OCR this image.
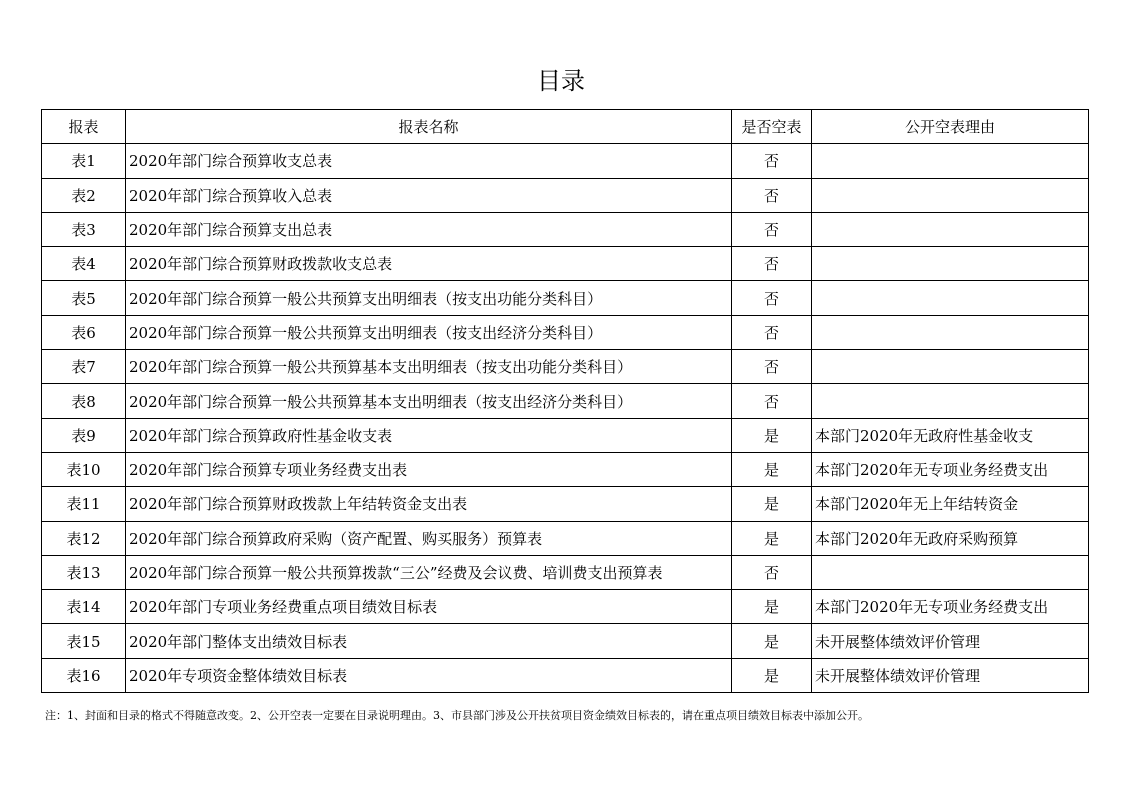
目录
报表	报表名称	是否空表	公开空表理由
表1	2020年部门综合预算收支总表	否	
表2	2020年部门综合预算收入总表	否	
表3	2020年部门综合预算支出总表	否	
表4	2020年部门综合预算财政拨款收支总表	否	
表5	2020年部门综合预算一般公共预算支出明细表（按支出功能分类科目）	否	
表6	2020年部门综合预算一般公共预算支出明细表（按支出经济分类科目）	否	
表7	2020年部门综合预算一般公共预算基本支出明细表（按支出功能分类科目）	否	
表8	2020年部门综合预算一般公共预算基本支出明细表（按支出经济分类科目）	否	
表9	2020年部门综合预算政府性基金收支表	是	本部门2020年无政府性基金收支
表10	2020年部门综合预算专项业务经费支出表	是	本部门2020年无专项业务经费支出
表11	2020年部门综合预算财政拨款上年结转资金支出表	是	本部门2020年无上年结转资金
表12	2020年部门综合预算政府采购（资产配置、购买服务）预算表	是	本部门2020年无政府采购预算
表13	2020年部门综合预算一般公共预算拨款“三公”经费及会议费、培训费支出预算表	否	
表14	2020年部门专项业务经费重点项目绩效目标表	是	本部门2020年无专项业务经费支出
表15	2020年部门整体支出绩效目标表	是	未开展整体绩效评价管理
表16	2020年专项资金整体绩效目标表	是	未开展整体绩效评价管理
注：1、封面和目录的格式不得随意改变。2、公开空表一定要在目录说明理由。3、市县部门涉及公开扶贫项目资金绩效目标表的，请在重点项目绩效目标表中添加公开。
